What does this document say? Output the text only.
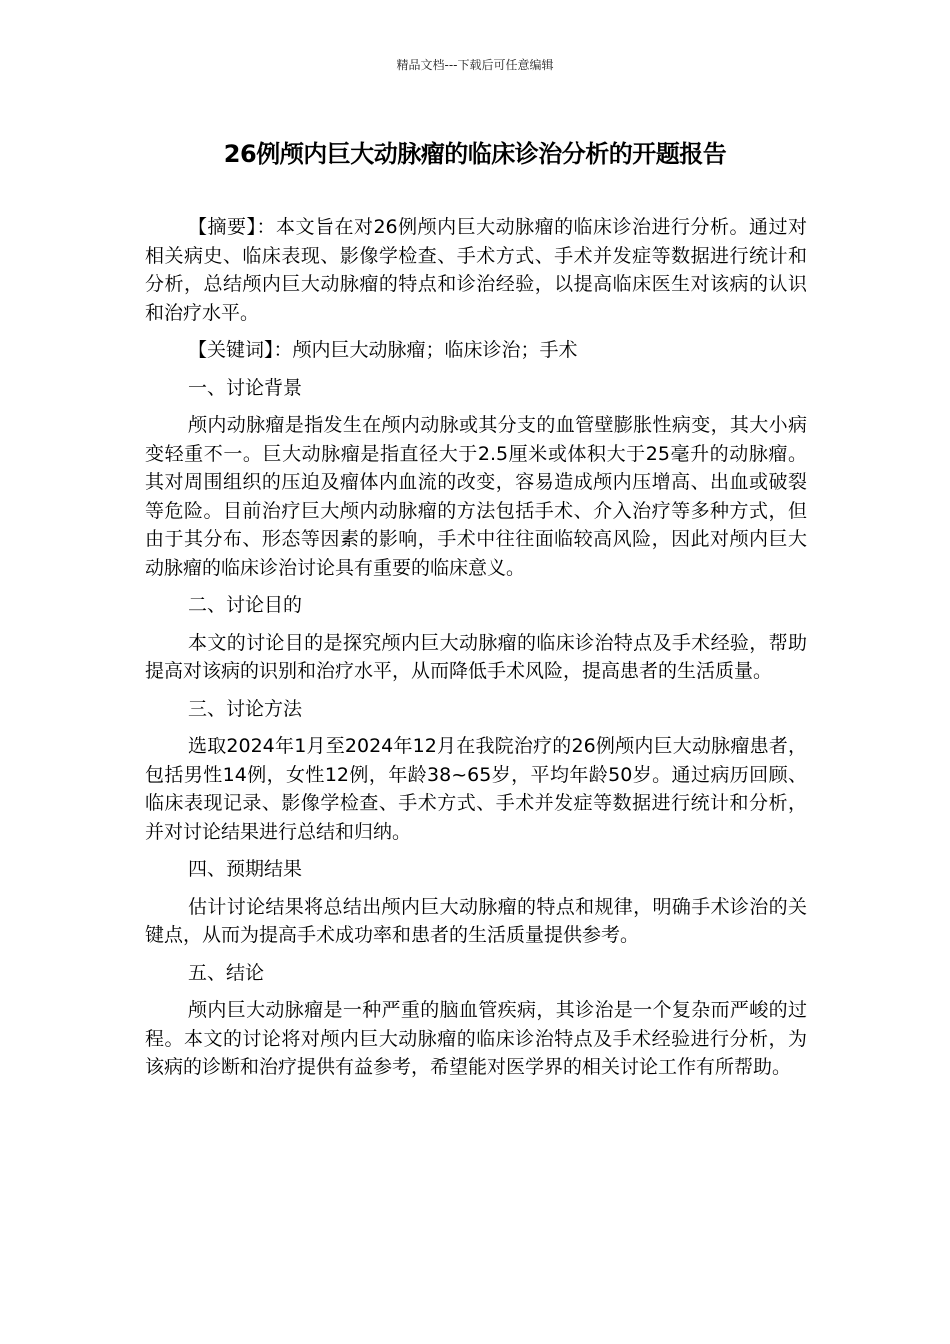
精品文档---下载后可任意编辑
26例颅内巨大动脉瘤的临床诊治分析的开题报告

【摘要】：本文旨在对26例颅内巨大动脉瘤的临床诊治进行分析。通过对相关病史、临床表现、影像学检查、手术方式、手术并发症等数据进行统计和分析，总结颅内巨大动脉瘤的特点和诊治经验，以提高临床医生对该病的认识和治疗水平。

【关键词】：颅内巨大动脉瘤；临床诊治；手术

一、讨论背景

颅内动脉瘤是指发生在颅内动脉或其分支的血管壁膨胀性病变，其大小病变轻重不一。巨大动脉瘤是指直径大于2.5厘米或体积大于25毫升的动脉瘤。其对周围组织的压迫及瘤体内血流的改变，容易造成颅内压增高、出血或破裂等危险。目前治疗巨大颅内动脉瘤的方法包括手术、介入治疗等多种方式，但由于其分布、形态等因素的影响，手术中往往面临较高风险，因此对颅内巨大动脉瘤的临床诊治讨论具有重要的临床意义。

二、讨论目的

本文的讨论目的是探究颅内巨大动脉瘤的临床诊治特点及手术经验，帮助提高对该病的识别和治疗水平，从而降低手术风险，提高患者的生活质量。

三、讨论方法

选取2024年1月至2024年12月在我院治疗的26例颅内巨大动脉瘤患者，包括男性14例，女性12例，年龄38~65岁，平均年龄50岁。通过病历回顾、临床表现记录、影像学检查、手术方式、手术并发症等数据进行统计和分析，并对讨论结果进行总结和归纳。

四、预期结果

估计讨论结果将总结出颅内巨大动脉瘤的特点和规律，明确手术诊治的关键点，从而为提高手术成功率和患者的生活质量提供参考。

五、结论

颅内巨大动脉瘤是一种严重的脑血管疾病，其诊治是一个复杂而严峻的过程。本文的讨论将对颅内巨大动脉瘤的临床诊治特点及手术经验进行分析，为该病的诊断和治疗提供有益参考，希望能对医学界的相关讨论工作有所帮助。
